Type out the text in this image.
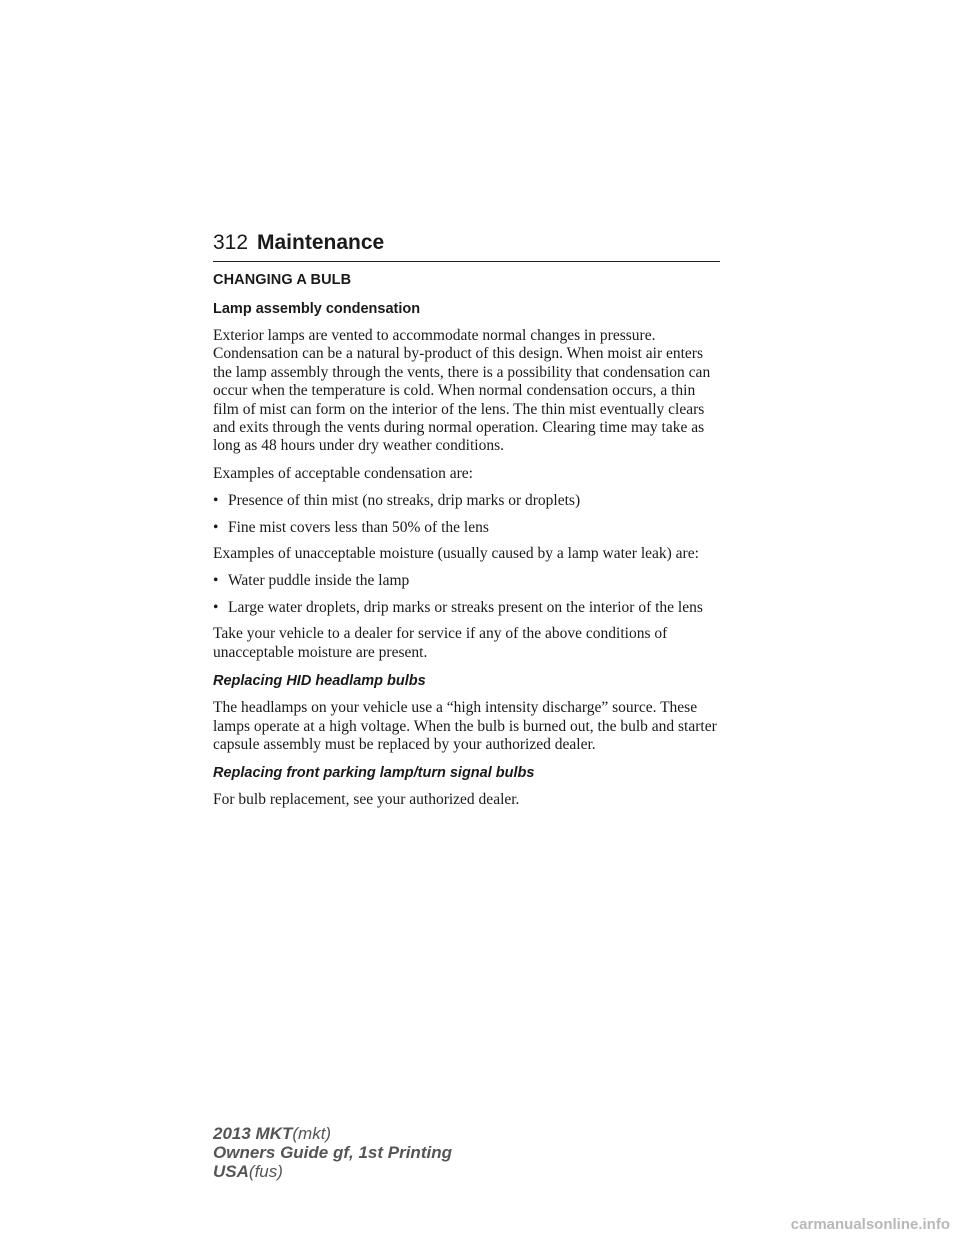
312 Maintenance
CHANGING A BULB
Lamp assembly condensation
Exterior lamps are vented to accommodate normal changes in pressure. Condensation can be a natural by-product of this design. When moist air enters the lamp assembly through the vents, there is a possibility that condensation can occur when the temperature is cold. When normal condensation occurs, a thin film of mist can form on the interior of the lens. The thin mist eventually clears and exits through the vents during normal operation. Clearing time may take as long as 48 hours under dry weather conditions.
Examples of acceptable condensation are:
• Presence of thin mist (no streaks, drip marks or droplets)
• Fine mist covers less than 50% of the lens
Examples of unacceptable moisture (usually caused by a lamp water leak) are:
• Water puddle inside the lamp
• Large water droplets, drip marks or streaks present on the interior of the lens
Take your vehicle to a dealer for service if any of the above conditions of unacceptable moisture are present.
Replacing HID headlamp bulbs
The headlamps on your vehicle use a “high intensity discharge” source. These lamps operate at a high voltage. When the bulb is burned out, the bulb and starter capsule assembly must be replaced by your authorized dealer.
Replacing front parking lamp/turn signal bulbs
For bulb replacement, see your authorized dealer.
2013 MKT(mkt)
Owners Guide gf, 1st Printing
USA(fus)
carmanualsonline.info
